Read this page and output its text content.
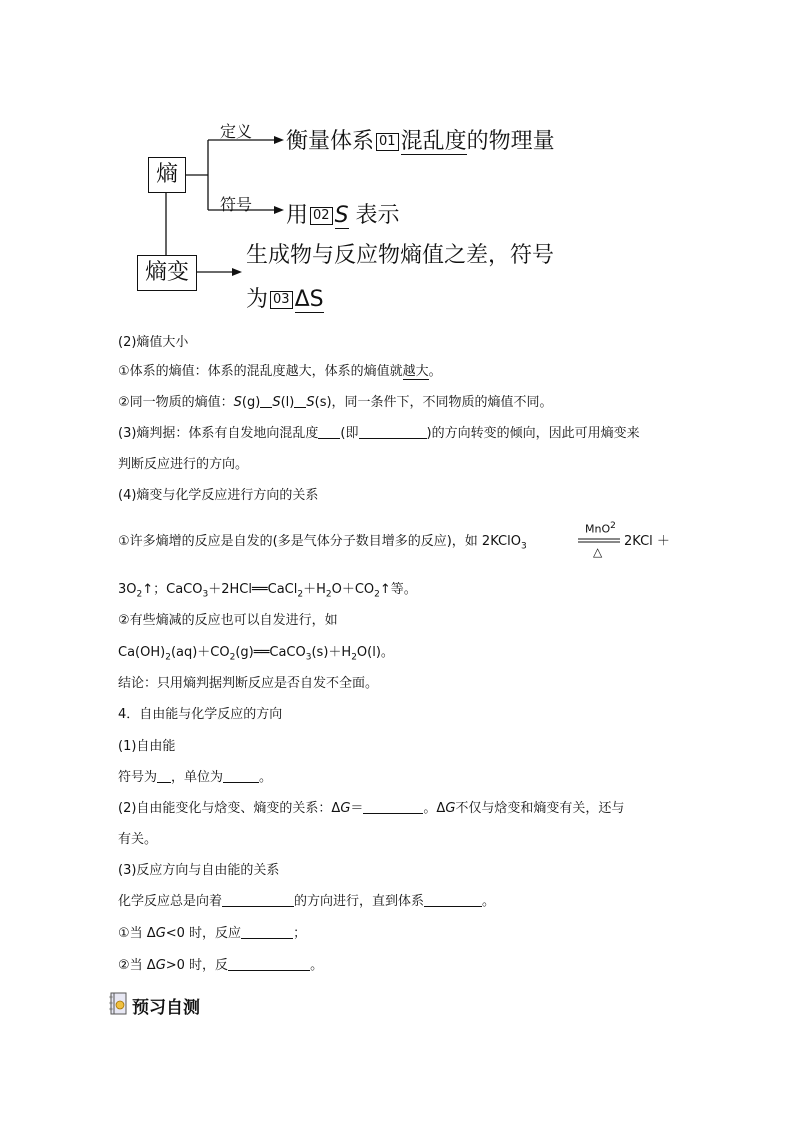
熵
熵变
定义 衡量体系 01 混乱度的物理量
符号 用 02 S 表示
生成物与反应物熵值之差，符号
为 03 ΔS
(2)熵值大小
①体系的熵值：体系的混乱度越大，体系的熵值就越大。
②同一物质的熵值：S(g) S(l) S(s)，同一条件下，不同物质的熵值不同。
(3)熵判据：体系有自发地向混乱度 (即	)的方向转变的倾向，因此可用熵变来
判断反应进行的方向。
(4)熵变与化学反应进行方向的关系
MnO$^2$
△
①许多熵增的反应是自发的(多是气体分子数目增多的反应)，如 2KClO$_3$	2KCl ＋
$3O_2↑$；$CaCO_3+2HCl══CaCl_2+H_2O+CO_2↑$等。
②有些熵减的反应也可以自发进行，如
$Ca(OH)_2(aq)+CO_2(g)══CaCO_3(s)+H_2O(l)$。
结论：只用熵判据判断反应是否自发不全面。
4．自由能与化学反应的方向
(1)自由能
符号为 ，单位为	。
(2)自由能变化与焓变、熵变的关系：ΔG＝	。ΔG不仅与焓变和熵变有关，还与
有关。
(3)反应方向与自由能的关系
化学反应总是向着	的方向进行，直到体系	。
①当 ΔG<0 时，反应	；
②当 ΔG>0 时，反	。
预习自测
